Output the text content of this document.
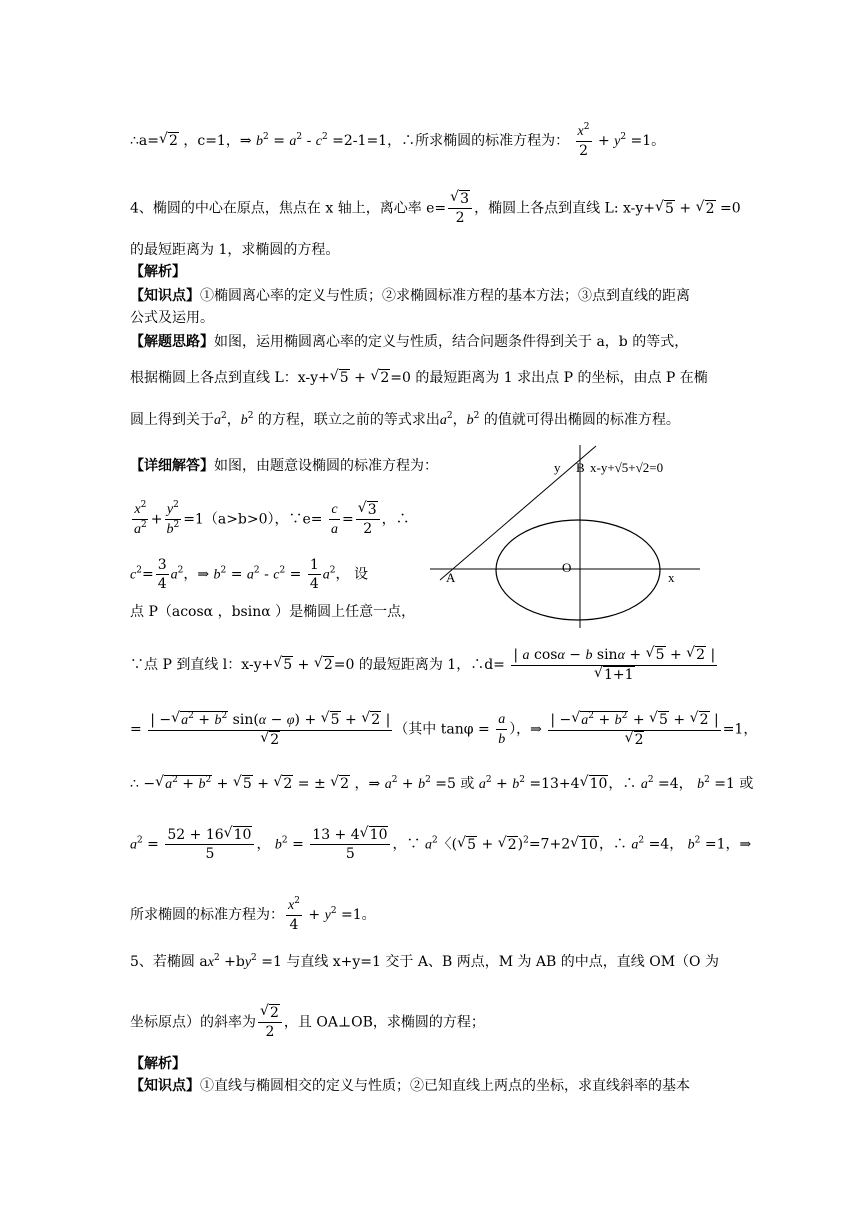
∴a=√ 2 ，c=1，⇒ $b^2 = a^2 - c^2 =2-1=1$，∴所求椭圆的标准方程为： $\frac{x^2}{2} + y^2 =1$。
4、椭圆的中心在原点，焦点在 x 轴上，离心率 e=
√ $\frac{3}{2}$ ，椭圆上各点到直线 L: x-y+√ 5 + √ 2 =0
的最短距离为 1，求椭圆的方程。
【解析】
【知识点】①椭圆离心率的定义与性质；②求椭圆标准方程的基本方法；③点到直线的距离
公式及运用。
【解题思路】如图，运用椭圆离心率的定义与性质，结合问题条件得到关于 a，b 的等式，
根据椭圆上各点到直线 L：x-y+√ 5 + √ 2=0 的最短距离为 1 求出点 P 的坐标，由点 P 在椭
圆上得到关于$a^2$，$b^2$ 的方程，联立之前的等式求出$a^2$，$b^2$ 的值就可得出椭圆的标准方程。
【详细解答】如图，由题意设椭圆的标准方程为：
$\frac{x^2}{a^2} + \frac{y^2}{b^2} =1(a>b>0)$，∵e= $\frac{c}{a}$ =
√ $\frac{3}{2}$ ，∴
$c^2= \frac{3}{4} a^2$，⇒ $b^2 = a^2 - c^2 = \frac{1}{4} a^2$， 设
点 P（acosα ，bsinα ）是椭圆上任意一点，
y B x-y+√5+√2=0
O
A	x
∵点 P 到直线 l：x-y+√ 5 + √ 2=0 的最短距离为 1，∴d= | a cosα − b sinα + √ 5 + √ 2 |
√ 1+1
= | −√ $a^2 + b^2$ sin(α − φ) + √ 5 + √ 2 |
√ 2 （其中 $\tan\varphi = \frac{a}{b}$ ），⇒ | −√ $a^2 + b^2$ + √ 5 + √ 2 |
√ 2 =1，
∴ −√ $a^2 + b^2$ + √ 5 + √ 2 = ± √ 2 ，⇒ $a^2 + b^2 =5$ 或 $a^2 + b^2 =13+4√$ 10，∴ $a^2 =4$， $b^2 =1$ 或
$a^2 = \frac{52 + 16√ 10}{5}$ ， $b^2 = \frac{13 + 4√ 10}{5}$ ，∵ $a^2$〈(√ 5 + √ 2)$^2$=7+2√ 10，∴ $a^2 =4$， $b^2 =1$，⇒
所求椭圆的标准方程为： $\frac{x^2}{4} + y^2 =1$。
5、若椭圆 $ax^2 +by^2 =1$ 与直线 x+y=1 交于 A、B 两点，M 为 AB 的中点，直线 OM（O 为
坐标原点）的斜率为
√ $\frac{2}{2}$ ，且 OA⊥OB，求椭圆的方程；
【解析】
【知识点】①直线与椭圆相交的定义与性质；②已知直线上两点的坐标，求直线斜率的基本
